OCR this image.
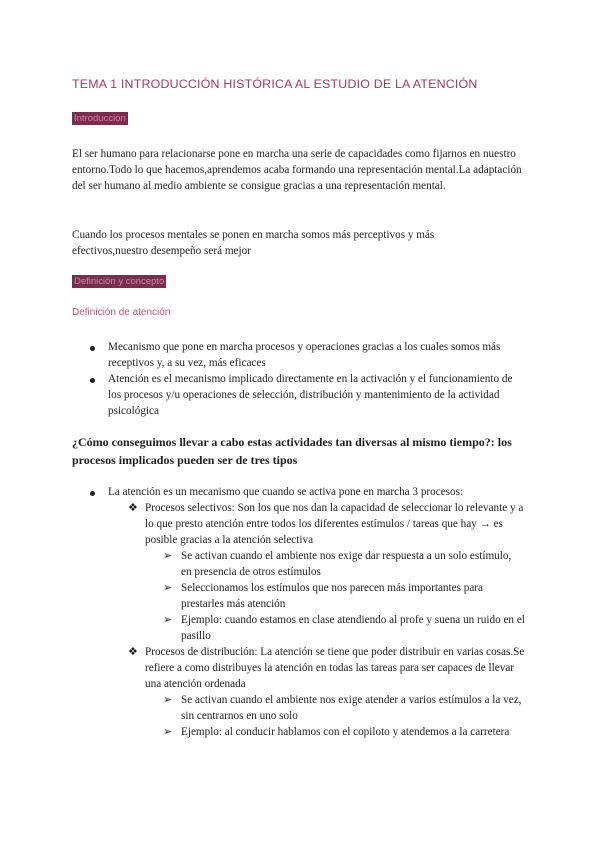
TEMA 1 INTRODUCCIÓN HISTÓRICA AL ESTUDIO DE LA ATENCIÓN
Introducción
El ser humano para relacionarse pone en marcha una serie de capacidades como fijarnos en nuestro entorno.Todo lo que hacemos,aprendemos acaba formando una representación mental.La adaptación del ser humano al medio ambiente se consigue gracias a una representación mental.
Cuando los procesos mentales se ponen en marcha somos más perceptivos y más efectivos,nuestro desempeño será mejor
Definición y concepto
Definición de atención
Mecanismo que pone en marcha procesos y operaciones gracias a los cuales somos más receptivos y, a su vez, más eficaces
Atención es el mecanismo implicado directamente en la activación y el funcionamiento de los procesos y/u operaciones de selección, distribución y mantenimiento de la actividad psicológica
¿Cómo conseguimos llevar a cabo estas actividades tan diversas al mismo tiempo?: los procesos implicados pueden ser de tres tipos
La atención es un mecanismo que cuando se activa pone en marcha 3 procesos:
❖ Procesos selectivos: Son los que nos dan la capacidad de seleccionar lo relevante y a lo que presto atención entre todos los diferentes estímulos / tareas que hay → es posible gracias a la atención selectiva
➢ Se activan cuando el ambiente nos exige dar respuesta a un solo estímulo, en presencia de otros estímulos
➢ Seleccionamos los estímulos que nos parecen más importantes para prestarles más atención
➢ Ejemplo: cuando estamos en clase atendiendo al profe y suena un ruido en el pasillo
❖ Procesos de distribución: La atención se tiene que poder distribuir en varias cosas.Se refiere a como distribuyes la atención en todas las tareas para ser capaces de llevar una atención ordenada
➢ Se activan cuando el ambiente nos exige atender a varios estímulos a la vez, sin centrarnos en uno solo
➢ Ejemplo: al conducir hablamos con el copiloto y atendemos a la carretera
